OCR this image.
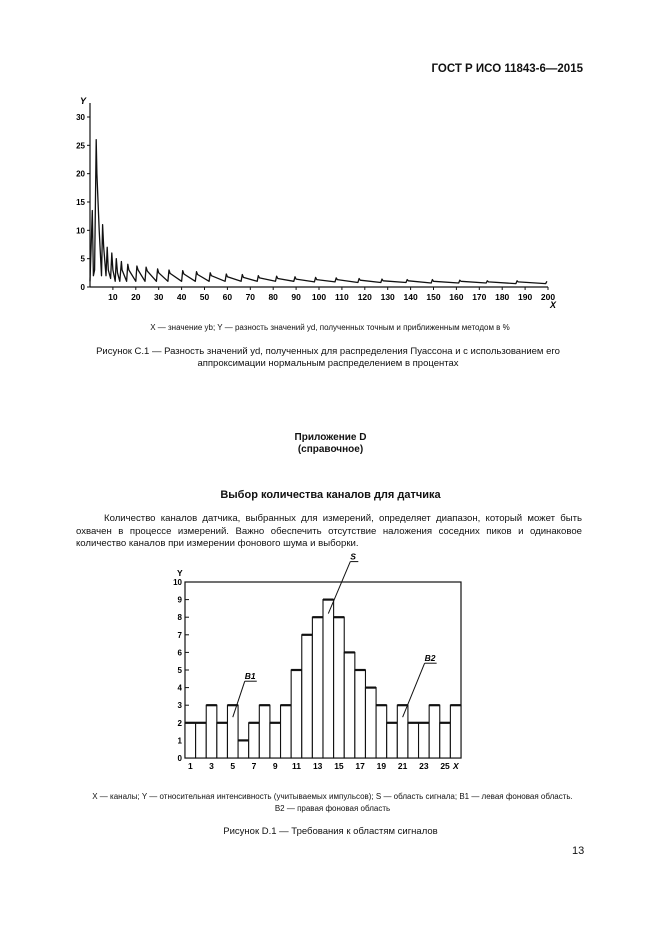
ГОСТ Р ИСО 11843-6—2015
0
5
10
15
20
25
30
10 20 30 40 50 60 70 80 90 100 110 120 130 140 150 160 170 180 190 200
X
Y
X — значение yb; Y — разность значений yd, полученных точным и приближенным методом в %
Рисунок С.1 — Разность значений yd, полученных для распределения Пуассона и с использованием его аппроксимации нормальным распределением в процентах
Приложение D
(справочное)
Выбор количества каналов для датчика

Количество каналов датчика, выбранных для измерений, определяет диапазон, который может быть охвачен в процессе измерений. Важно обеспечить отсутствие наложения соседних пиков и одинаковое количество каналов при измерении фонового шума и выборки.

0
1
2
3
4
5
6
7
8
9
10
1 3 5 7 9 11 13 15 17 19 21 23 25 X
Y
B1
S
B2
X — каналы; Y — относительная интенсивность (учитываемых импульсов); S — область сигнала; B1 — левая фоновая область.
B2 — правая фоновая область
Рисунок D.1 — Требования к областям сигналов
13
